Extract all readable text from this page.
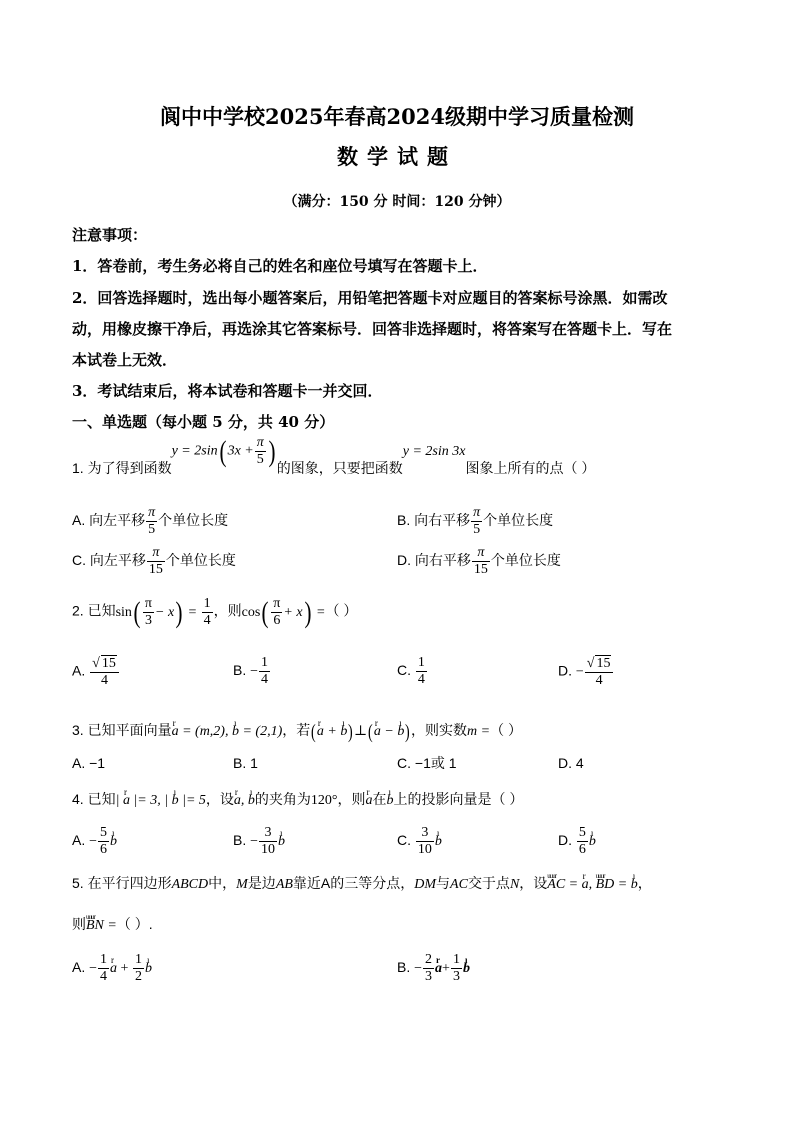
阆中中学校2025年春高2024级期中学习质量检测
数学试题
（满分：150 分 时间：120 分钟）
注意事项：
1．答卷前，考生务必将自己的姓名和座位号填写在答题卡上．
2．回答选择题时，选出每小题答案后，用铅笔把答题卡对应题目的答案标号涂黑．如需改
动，用橡皮擦干净后，再选涂其它答案标号．回答非选择题时，将答案写在答题卡上．写在
本试卷上无效．
3．考试结束后，将本试卷和答题卡一并交回．
一、单选题（每小题 5 分，共 40 分）
1. 为了得到函数y = 2sin( $3x + \frac{\pi}{5}$ )的图象，只要把函数y = 2sin 3x图象上所有的点（ ）
A. 向左平移 $\frac{\pi}{5}$ 个单位长度	B. 向右平移 $\frac{\pi}{5}$ 个单位长度
C. 向左平移 $\frac{\pi}{15}$ 个单位长度	D. 向右平移 $\frac{\pi}{15}$ 个单位长度
2. 已知$\sin( \frac{\pi}{3} - x) = \frac{1}{4}$ ，则$\cos( \frac{\pi}{6} + x)$ =（ ）
A. $\frac{√ 15}{4}$	B. − $\frac{1}{4}$	C. $\frac{1}{4}$	D. − $\frac{√ 15}{4}$
3. 已知平面向量r a = (m,2), ı b = (2,1)，若(r a + ı b)⊥(r a − ı b)，则实数m =（ ）
A. −1	B. 1	C. −1或 1	D. 4
4. 已知| r a |= 3, | ı b |= 5，设r a, ı b的夹角为120°，则r a在ı b上的投影向量是（ ）
A. − $\frac{5}{6}$ ı b	B. − $\frac{3}{10}$ ı b	C. $\frac{3}{10}$ ı b	D. $\frac{5}{6}$ ı b
5. 在平行四边形ABCD中，M是边AB靠近A的三等分点，DM与AC交于点N，设uuur AC = r a, uuur BD = ı b，
则uuur BN =（ ）.
A. − $\frac{1}{4}$ r $a + \frac{1}{2}$ ı b	B. − $\frac{2}{3}$ r $a+ \frac{1}{3}$ ı b
